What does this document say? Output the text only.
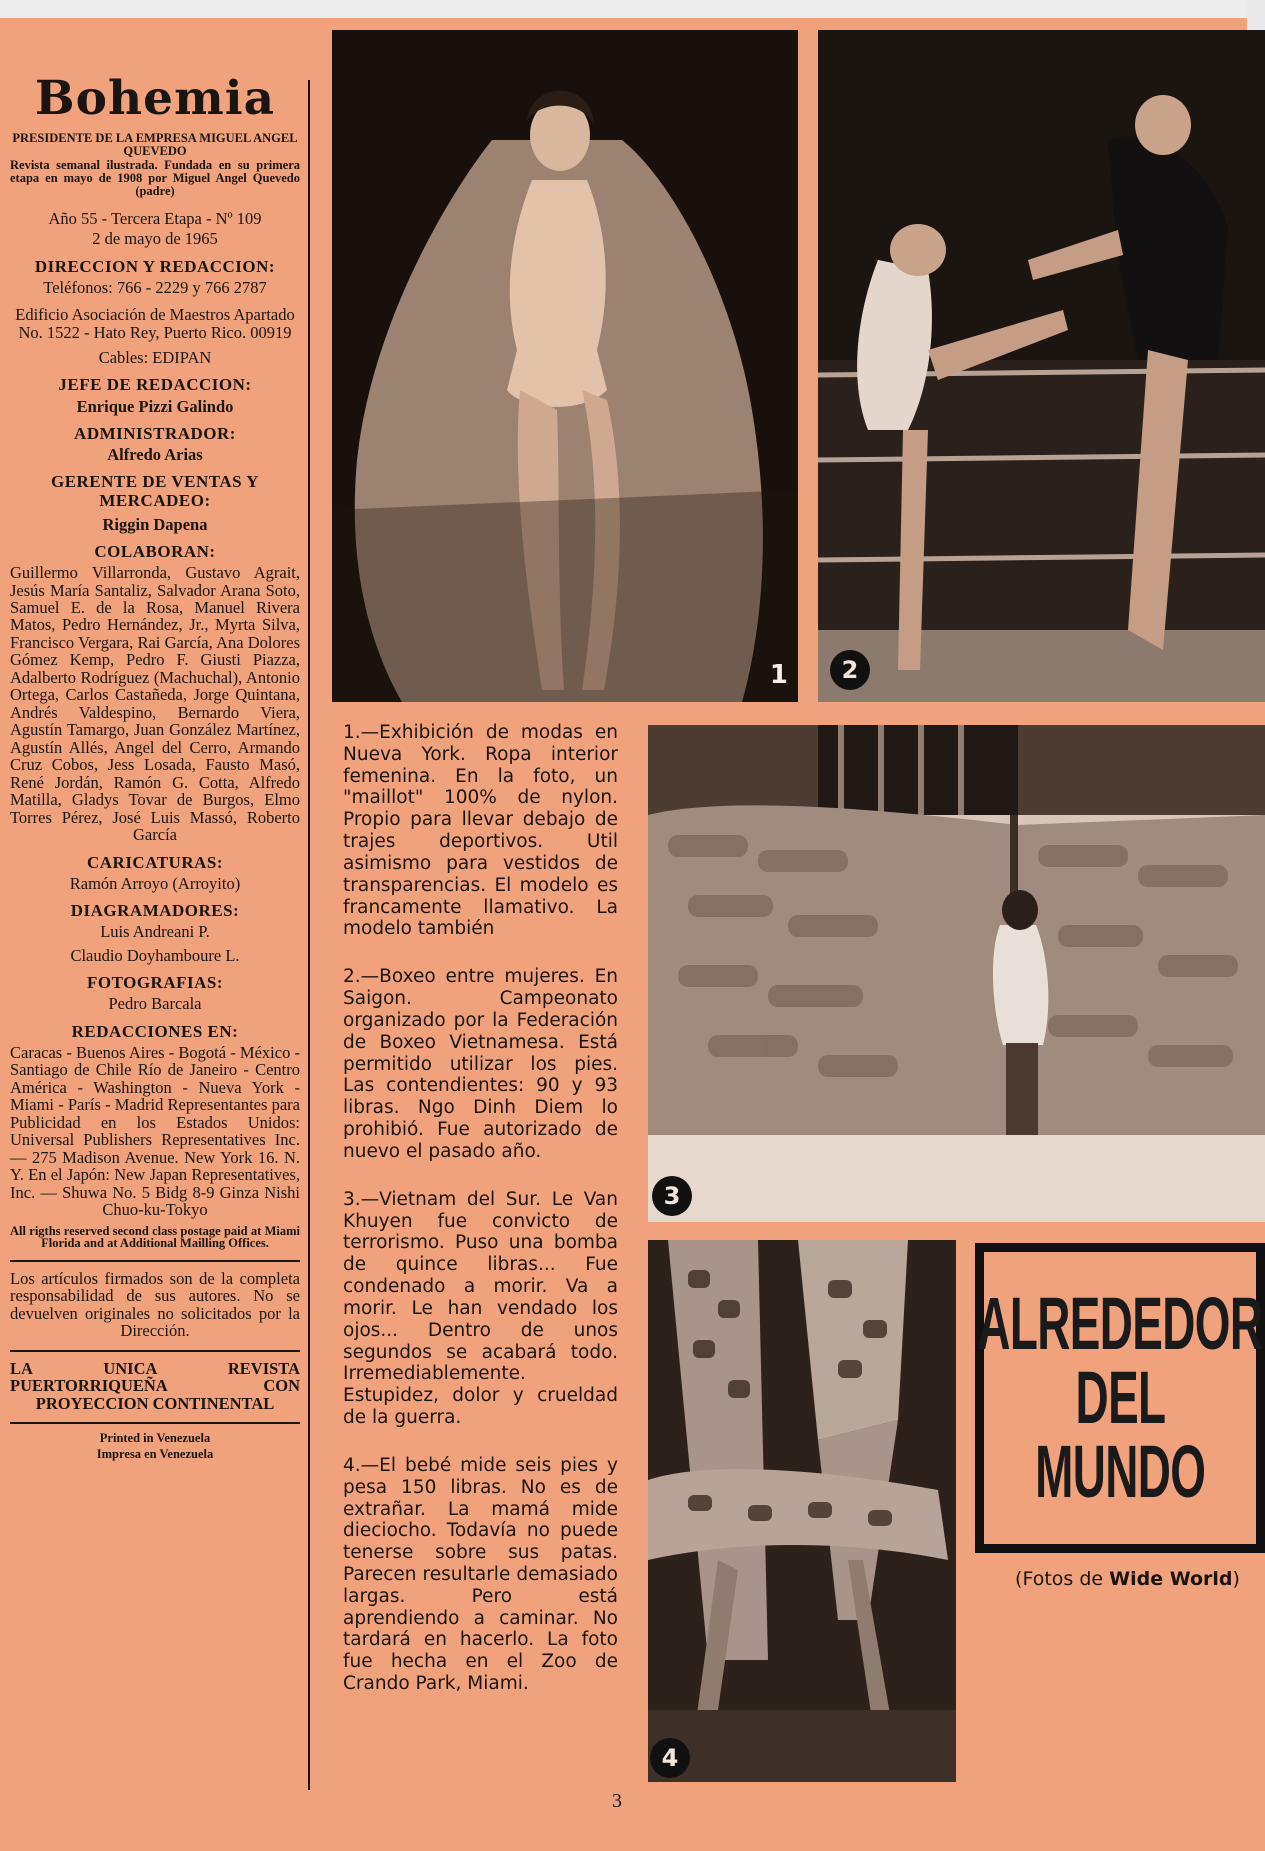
Bohemia

PRESIDENTE DE LA EMPRESA MIGUEL ANGEL QUEVEDO

Revista semanal ilustrada. Fundada en su primera etapa en mayo de 1908 por Miguel Angel Quevedo (padre)

Año 55 - Tercera Etapa - Nº 109

2 de mayo de 1965

DIRECCION Y REDACCION:

Teléfonos: 766 - 2229 y 766 2787

Edificio Asociación de Maestros Apartado No. 1522 - Hato Rey, Puerto Rico. 00919

Cables: EDIPAN

JEFE DE REDACCION:

Enrique Pizzi Galindo

ADMINISTRADOR:

Alfredo Arias

GERENTE DE VENTAS Y MERCADEO:

Riggin Dapena

COLABORAN:

Guillermo Villarronda, Gustavo Agrait, Jesús María Santaliz, Salvador Arana Soto, Samuel E. de la Rosa, Manuel Rivera Matos, Pedro Hernández, Jr., Myrta Silva, Francisco Vergara, Rai García, Ana Dolores Gómez Kemp, Pedro F. Giusti Piazza, Adalberto Rodríguez (Machuchal), Antonio Ortega, Carlos Castañeda, Jorge Quintana, Andrés Valdespino, Bernardo Viera, Agustín Tamargo, Juan González Martínez, Agustín Allés, Angel del Cerro, Armando Cruz Cobos, Jess Losada, Fausto Masó, René Jordán, Ramón G. Cotta, Alfredo Matilla, Gladys Tovar de Burgos, Elmo Torres Pérez, José Luis Massó, Roberto García

CARICATURAS:

Ramón Arroyo (Arroyito)

DIAGRAMADORES:

Luis Andreani P.

Claudio Doyhamboure L.

FOTOGRAFIAS:

Pedro Barcala

REDACCIONES EN:

Caracas - Buenos Aires - Bogotá - México - Santiago de Chile Río de Janeiro - Centro América - Washington - Nueva York - Miami - París - Madrid Representantes para Publicidad en los Estados Unidos: Universal Publishers Representatives Inc. — 275 Madison Avenue. New York 16. N. Y. En el Japón: New Japan Representatives, Inc. — Shuwa No. 5 Bidg 8-9 Ginza Nishi Chuo-ku-Tokyo

All rigths reserved second class postage paid at Miami Florida and at Additional Mailling Offices.

Los artículos firmados son de la completa responsabilidad de sus autores. No se devuelven originales no solicitados por la Dirección.

LA UNICA REVISTA PUERTORRIQUEÑA CON PROYECCION CONTINENTAL

Printed in Venezuela

Impresa en Venezuela

1	2
3
4

1.—Exhibición de modas en Nueva York. Ropa interior femenina. En la foto, un "maillot" 100% de nylon. Propio para llevar debajo de trajes deportivos. Util asimismo para vestidos de transparencias. El modelo es francamente llamativo. La modelo también

2.—Boxeo entre mujeres. En Saigon. Campeonato organizado por la Federación de Boxeo Vietnamesa. Está permitido utilizar los pies. Las contendientes: 90 y 93 libras. Ngo Dinh Diem lo prohibió. Fue autorizado de nuevo el pasado año.

3.—Vietnam del Sur. Le Van Khuyen fue convicto de terrorismo. Puso una bomba de quince libras... Fue condenado a morir. Va a morir. Le han vendado los ojos... Dentro de unos segundos se acabará todo. Irremediablemente. Estupidez, dolor y crueldad de la guerra.

4.—El bebé mide seis pies y pesa 150 libras. No es de extrañar. La mamá mide dieciocho. Todavía no puede tenerse sobre sus patas. Parecen resultarle demasiado largas. Pero está aprendiendo a caminar. No tardará en hacerlo. La foto fue hecha en el Zoo de Crando Park, Miami.

ALREDEDOR
DEL
MUNDO
(Fotos de Wide World)
3
